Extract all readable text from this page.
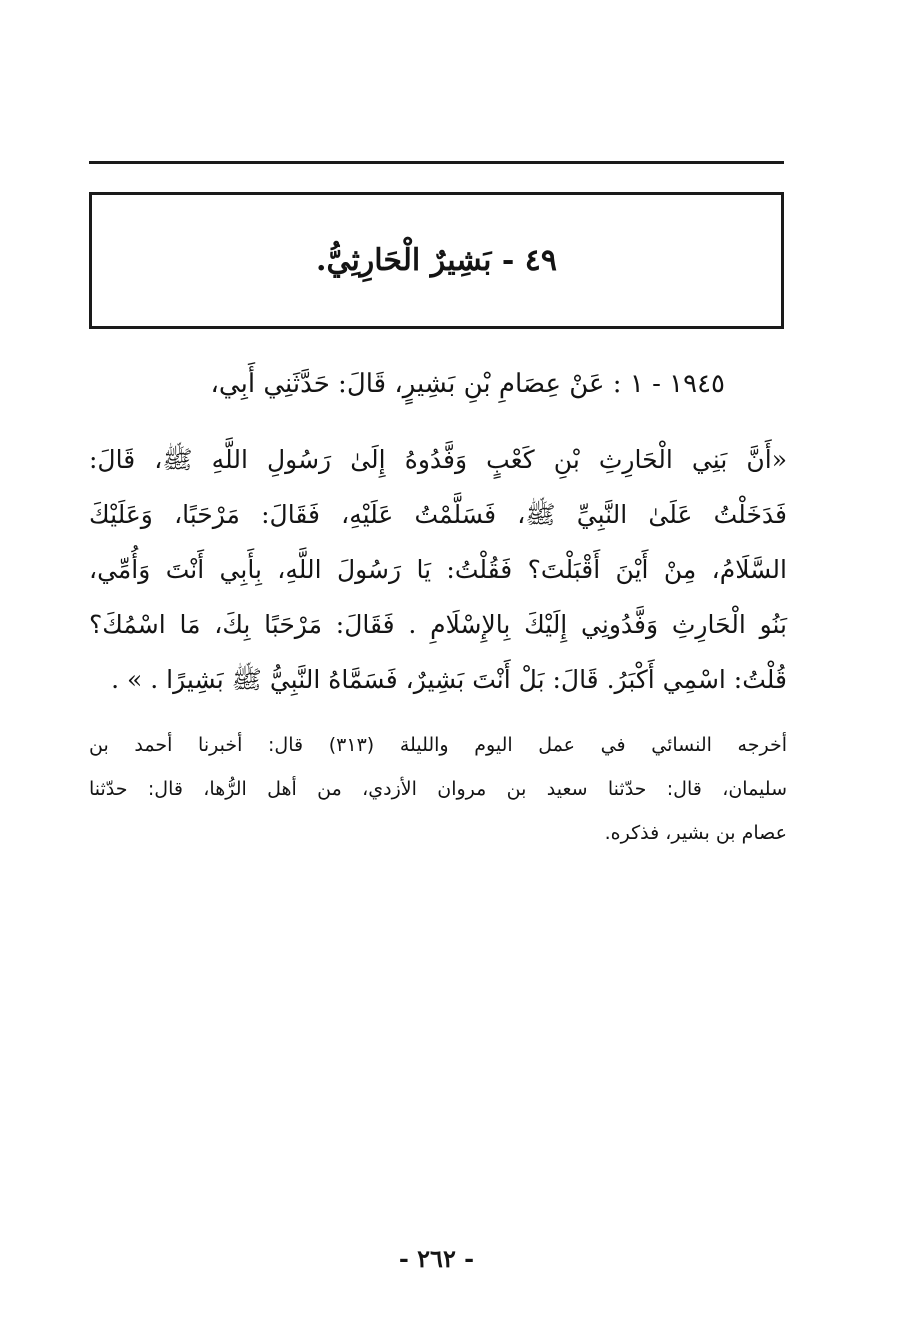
٤٩ - بَشِيرٌ الْحَارِثِيُّ.
١٩٤٥ - ١ : عَنْ عِصَامِ بْنِ بَشِيرٍ، قَالَ: حَدَّثَنِي أَبِي،
«أَنَّ بَنِي الْحَارِثِ بْنِ كَعْبٍ وَفَّدُوهُ إِلَىٰ رَسُولِ اللَّهِ ﷺ، قَالَ:
فَدَخَلْتُ عَلَىٰ النَّبِيِّ ﷺ، فَسَلَّمْتُ عَلَيْهِ، فَقَالَ: مَرْحَبًا، وَعَلَيْكَ
السَّلَامُ، مِنْ أَيْنَ أَقْبَلْتَ؟ فَقُلْتُ: يَا رَسُولَ اللَّهِ، بِأَبِي أَنْتَ وَأُمِّي،
بَنُو الْحَارِثِ وَفَّدُونِي إِلَيْكَ بِالإِسْلَامِ . فَقَالَ: مَرْحَبًا بِكَ، مَا اسْمُكَ؟
قُلْتُ: اسْمِي أَكْبَرُ. قَالَ: بَلْ أَنْتَ بَشِيرٌ، فَسَمَّاهُ النَّبِيُّ ﷺ بَشِيرًا . » .
أخرجه النسائي في عمل اليوم والليلة (٣١٣) قال: أخبرنا أحمد بن
سليمان، قال: حدّثنا سعيد بن مروان الأزدي، من أهل الرُّها، قال: حدّثنا
عصام بن بشير، فذكره.
- ٢٦٢ -
